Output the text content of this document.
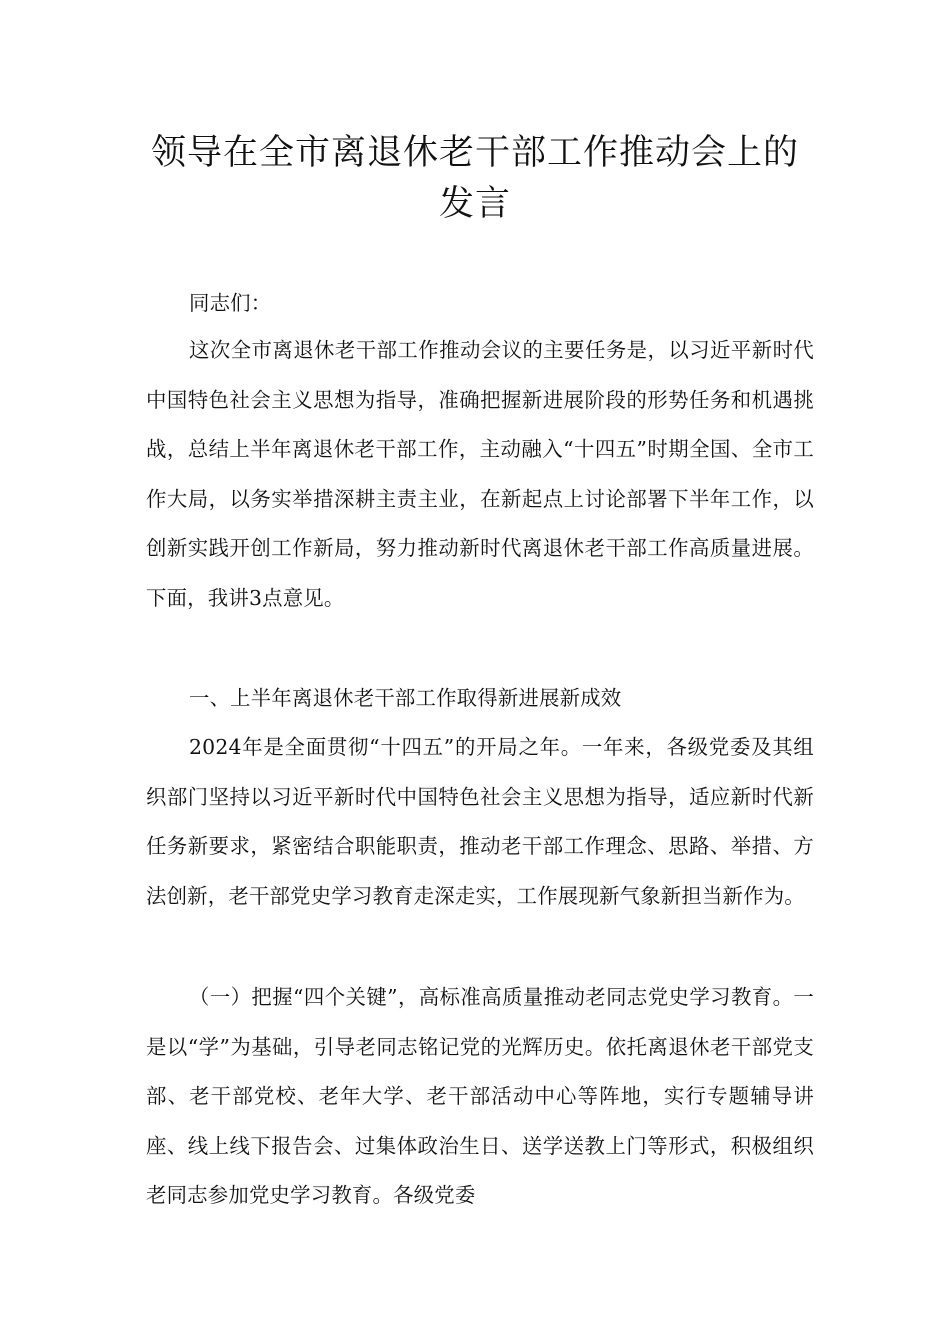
领导在全市离退休老干部工作推动会上的发言

同志们：

这次全市离退休老干部工作推动会议的主要任务是，以习近平新时代中国特色社会主义思想为指导，准确把握新进展阶段的形势任务和机遇挑战，总结上半年离退休老干部工作，主动融入“十四五”时期全国、全市工作大局，以务实举措深耕主责主业，在新起点上讨论部署下半年工作，以创新实践开创工作新局，努力推动新时代离退休老干部工作高质量进展。下面，我讲3点意见。

一、上半年离退休老干部工作取得新进展新成效

2024年是全面贯彻“十四五”的开局之年。一年来，各级党委及其组织部门坚持以习近平新时代中国特色社会主义思想为指导，适应新时代新任务新要求，紧密结合职能职责，推动老干部工作理念、思路、举措、方法创新，老干部党史学习教育走深走实，工作展现新气象新担当新作为。

（一）把握“四个关键”，高标准高质量推动老同志党史学习教育。一是以“学”为基础，引导老同志铭记党的光辉历史。依托离退休老干部党支部、老干部党校、老年大学、老干部活动中心等阵地，实行专题辅导讲座、线上线下报告会、过集体政治生日、送学送教上门等形式，积极组织老同志参加党史学习教育。各级党委
